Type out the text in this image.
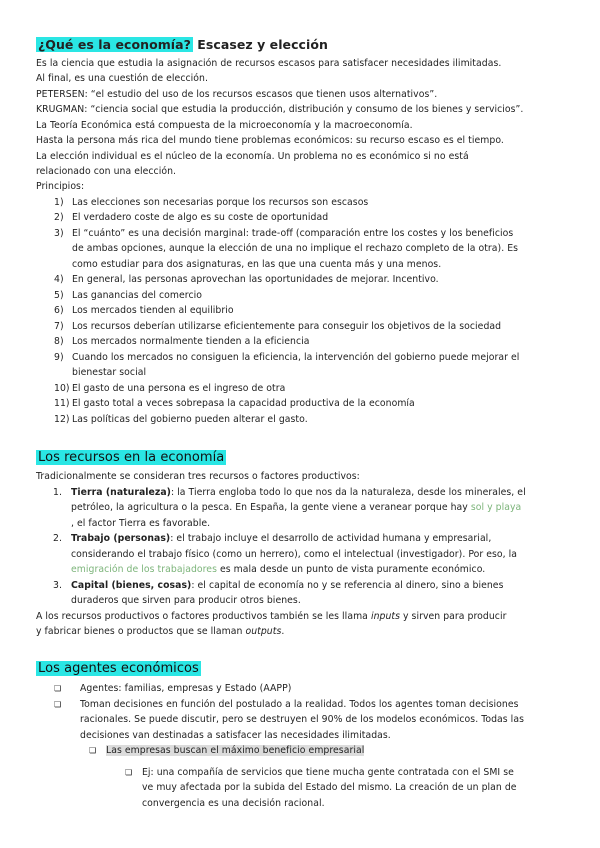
¿Qué es la economía? Escasez y elección
Es la ciencia que estudia la asignación de recursos escasos para satisfacer necesidades ilimitadas.
Al final, es una cuestión de elección.
PETERSEN: “el estudio del uso de los recursos escasos que tienen usos alternativos”.
KRUGMAN: “ciencia social que estudia la producción, distribución y consumo de los bienes y servicios”.
La Teoría Económica está compuesta de la microeconomía y la macroeconomía.
Hasta la persona más rica del mundo tiene problemas económicos: su recurso escaso es el tiempo.
La elección individual es el núcleo de la economía. Un problema no es económico si no está
relacionado con una elección.
Principios:
1) Las elecciones son necesarias porque los recursos son escasos
2) El verdadero coste de algo es su coste de oportunidad
3) El “cuánto” es una decisión marginal: trade-off (comparación entre los costes y los beneficios
de ambas opciones, aunque la elección de una no implique el rechazo completo de la otra). Es
como estudiar para dos asignaturas, en las que una cuenta más y una menos.
4) En general, las personas aprovechan las oportunidades de mejorar. Incentivo.
5) Las ganancias del comercio
6) Los mercados tienden al equilibrio
7) Los recursos deberían utilizarse eficientemente para conseguir los objetivos de la sociedad
8) Los mercados normalmente tienden a la eficiencia
9) Cuando los mercados no consiguen la eficiencia, la intervención del gobierno puede mejorar el
bienestar social
10) El gasto de una persona es el ingreso de otra
11) El gasto total a veces sobrepasa la capacidad productiva de la economía
12) Las políticas del gobierno pueden alterar el gasto.
Los recursos en la economía
Tradicionalmente se consideran tres recursos o factores productivos:
1. Tierra (naturaleza): la Tierra engloba todo lo que nos da la naturaleza, desde los minerales, el
petróleo, la agricultura o la pesca. En España, la gente viene a veranear porque hay sol y playa
, el factor Tierra es favorable.
2. Trabajo (personas): el trabajo incluye el desarrollo de actividad humana y empresarial,
considerando el trabajo físico (como un herrero), como el intelectual (investigador). Por eso, la
emigración de los trabajadores es mala desde un punto de vista puramente económico.
3. Capital (bienes, cosas): el capital de economía no y se referencia al dinero, sino a bienes
duraderos que sirven para producir otros bienes.
A los recursos productivos o factores productivos también se les llama inputs y sirven para producir
y fabricar bienes o productos que se llaman outputs.
Los agentes económicos
❏ Agentes: familias, empresas y Estado (AAPP)
❏ Toman decisiones en función del postulado a la realidad. Todos los agentes toman decisiones
racionales. Se puede discutir, pero se destruyen el 90% de los modelos económicos. Todas las
decisiones van destinadas a satisfacer las necesidades ilimitadas.
❏ Las empresas buscan el máximo beneficio empresarial
❏ Ej: una compañía de servicios que tiene mucha gente contratada con el SMI se
ve muy afectada por la subida del Estado del mismo. La creación de un plan de
convergencia es una decisión racional.
